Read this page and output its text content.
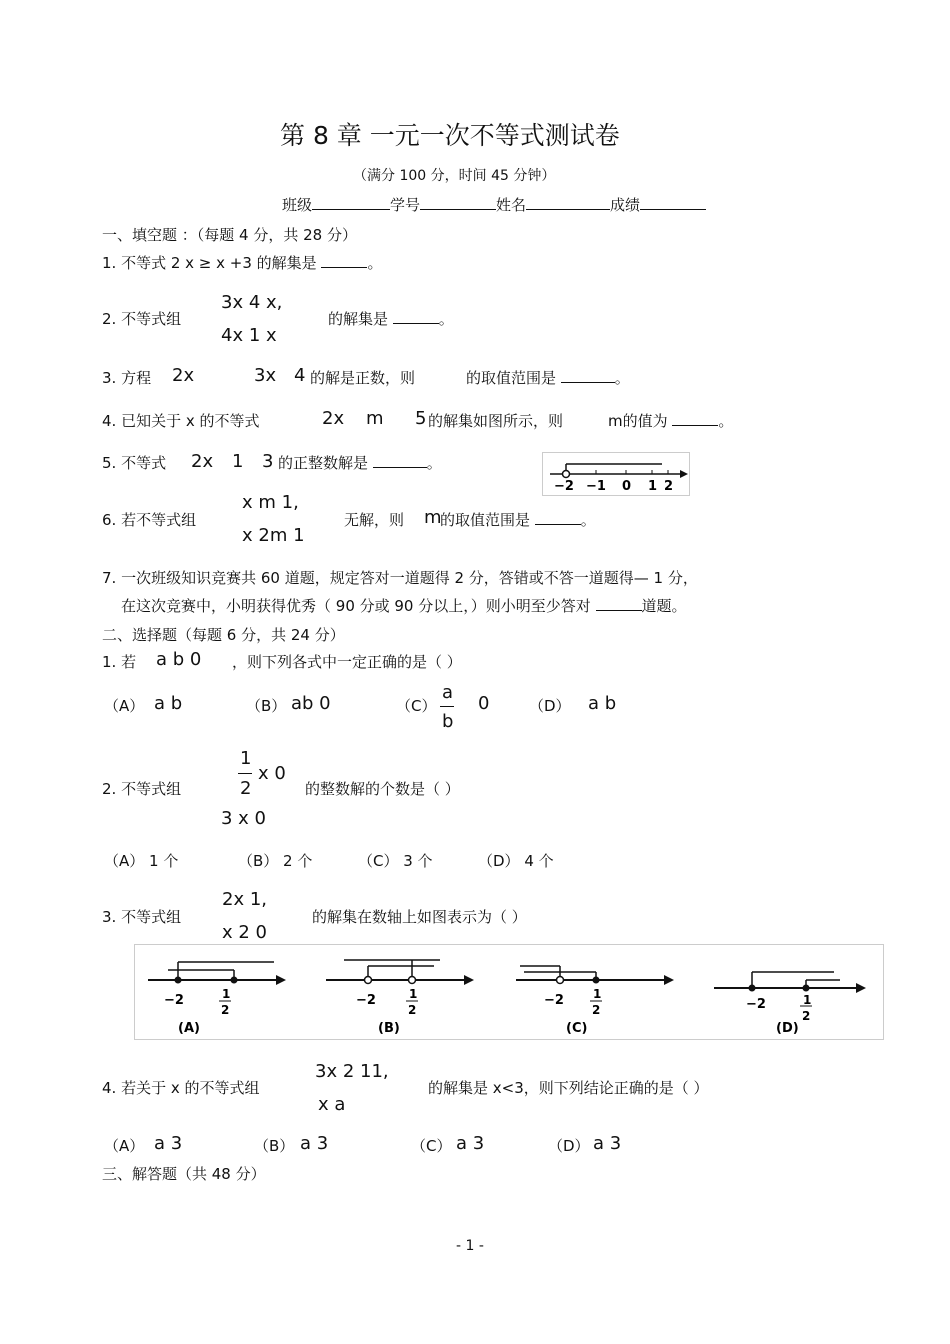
第 8 章 一元一次不等式测试卷
（满分 100 分，时间 45 分钟）
班级	学号	姓名	成绩
一、填空题 ：（每题 4 分，共 28 分）
1. 不等式 2 x ≥ x +3 的解集是	。
2. 不等式组
3x 4 x,
4x 1 x
的解集是	。
3. 方程 2x	3x 4 的解是正数，则	的取值范围是	。
4. 已知关于 x 的不等式	2x m 5 的解集如图所示，则	m的值为	。
5. 不等式 2x 1 3 的正整数解是	。
−2 −1 0 1 2
6. 若不等式组
x m 1,
x 2m 1
无解，则 m
的取值范围是	。
7. 一次班级知识竞赛共 60 道题，规定答对一道题得 2 分，答错或不答一道题得— 1 分，
在这次竞赛中，小明获得优秀（ 90 分或 90 分以上，）则小明至少答对	道题。
二、选择题（每题 6 分，共 24 分）
1. 若 a b 0 ，则下列各式中一定正确的是（ ）
（A） a b	（B） ab 0	（C）
a
b
0	（D） a b
2. 不等式组
1
2
x 0
3 x 0
的整数解的个数是（ ）
（A） 1 个	（B） 2 个	（C） 3 个	（D） 4 个
3. 不等式组
2x 1,
x 2 0
的解集在数轴上如图表示为（ ）
−2	1
2
(A)
−2	1
2
(B)
−2 1
2
(C)
−2	1
2
(D)
4. 若关于 x 的不等式组
3x 2 11,
x a
的解集是 x<3，则下列结论正确的是（ ）
（A） a 3	（B） a 3	（C） a 3	（D） a 3
三、解答题（共 48 分）
- 1 -
